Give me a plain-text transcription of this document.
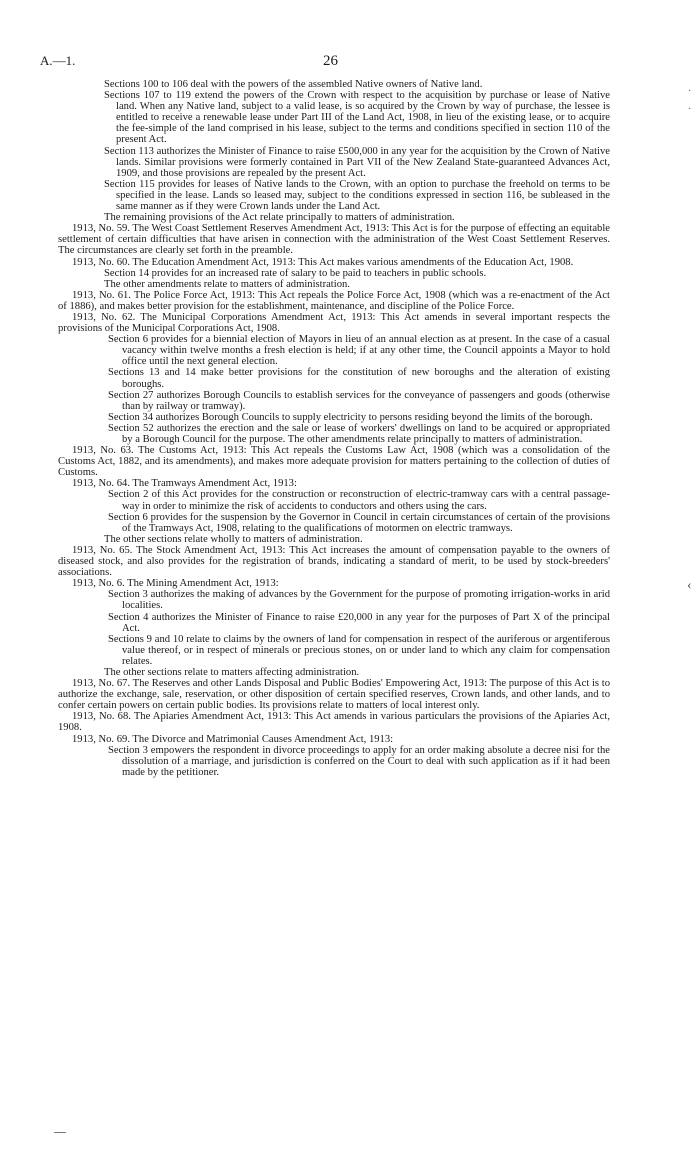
A.—1.	26
·
·
‹

Sections 100 to 106 deal with the powers of the assembled Native owners of Native land.

Sections 107 to 119 extend the powers of the Crown with respect to the acquisition by purchase or lease of Native land. When any Native land, subject to a valid lease, is so acquired by the Crown by way of purchase, the lessee is entitled to receive a renewable lease under Part III of the Land Act, 1908, in lieu of the existing lease, or to acquire the fee-simple of the land comprised in his lease, subject to the terms and conditions specified in section 110 of the present Act.

Section 113 authorizes the Minister of Finance to raise £500,000 in any year for the acquisition by the Crown of Native lands. Similar provisions were formerly contained in Part VII of the New Zealand State-guaranteed Advances Act, 1909, and those provisions are repealed by the present Act.

Section 115 provides for leases of Native lands to the Crown, with an option to purchase the freehold on terms to be specified in the lease. Lands so leased may, subject to the conditions expressed in section 116, be subleased in the same manner as if they were Crown lands under the Land Act.

The remaining provisions of the Act relate principally to matters of administration.

1913, No. 59. The West Coast Settlement Reserves Amendment Act, 1913: This Act is for the purpose of effecting an equitable settlement of certain difficulties that have arisen in connection with the administration of the West Coast Settlement Reserves. The circumstances are clearly set forth in the preamble.

1913, No. 60. The Education Amendment Act, 1913: This Act makes various amendments of the Education Act, 1908.

Section 14 provides for an increased rate of salary to be paid to teachers in public schools.

The other amendments relate to matters of administration.

1913, No. 61. The Police Force Act, 1913: This Act repeals the Police Force Act, 1908 (which was a re-enactment of the Act of 1886), and makes better provision for the establishment, maintenance, and discipline of the Police Force.

1913, No. 62. The Municipal Corporations Amendment Act, 1913: This Act amends in several important respects the provisions of the Municipal Corporations Act, 1908.

Section 6 provides for a biennial election of Mayors in lieu of an annual election as at present. In the case of a casual vacancy within twelve months a fresh election is held; if at any other time, the Council appoints a Mayor to hold office until the next general election.

Sections 13 and 14 make better provisions for the constitution of new boroughs and the alteration of existing boroughs.

Section 27 authorizes Borough Councils to establish services for the conveyance of passengers and goods (otherwise than by railway or tramway).

Section 34 authorizes Borough Councils to supply electricity to persons residing beyond the limits of the borough.

Section 52 authorizes the erection and the sale or lease of workers' dwellings on land to be acquired or appropriated by a Borough Council for the purpose. The other amendments relate principally to matters of administration.

1913, No. 63. The Customs Act, 1913: This Act repeals the Customs Law Act, 1908 (which was a consolidation of the Customs Act, 1882, and its amendments), and makes more adequate provision for matters pertaining to the collection of duties of Customs.

1913, No. 64. The Tramways Amendment Act, 1913:

Section 2 of this Act provides for the construction or reconstruction of electric-tramway cars with a central passage-way in order to minimize the risk of accidents to conductors and others using the cars.

Section 6 provides for the suspension by the Governor in Council in certain circumstances of certain of the provisions of the Tramways Act, 1908, relating to the qualifications of motormen on electric tramways.

The other sections relate wholly to matters of administration.

1913, No. 65. The Stock Amendment Act, 1913: This Act increases the amount of compensation payable to the owners of diseased stock, and also provides for the registration of brands, indicating a standard of merit, to be used by stock-breeders' associations.

1913, No. 6. The Mining Amendment Act, 1913:

Section 3 authorizes the making of advances by the Government for the purpose of promoting irrigation-works in arid localities.

Section 4 authorizes the Minister of Finance to raise £20,000 in any year for the purposes of Part X of the principal Act.

Sections 9 and 10 relate to claims by the owners of land for compensation in respect of the auriferous or argentiferous value thereof, or in respect of minerals or precious stones, on or under land to which any claim for compensation relates.

The other sections relate to matters affecting administration.

1913, No. 67. The Reserves and other Lands Disposal and Public Bodies' Empowering Act, 1913: The purpose of this Act is to authorize the exchange, sale, reservation, or other disposition of certain specified reserves, Crown lands, and other lands, and to confer certain powers on certain public bodies. Its provisions relate to matters of local interest only.

1913, No. 68. The Apiaries Amendment Act, 1913: This Act amends in various particulars the provisions of the Apiaries Act, 1908.

1913, No. 69. The Divorce and Matrimonial Causes Amendment Act, 1913:

Section 3 empowers the respondent in divorce proceedings to apply for an order making absolute a decree nisi for the dissolution of a marriage, and jurisdiction is conferred on the Court to deal with such application as if it had been made by the petitioner.
